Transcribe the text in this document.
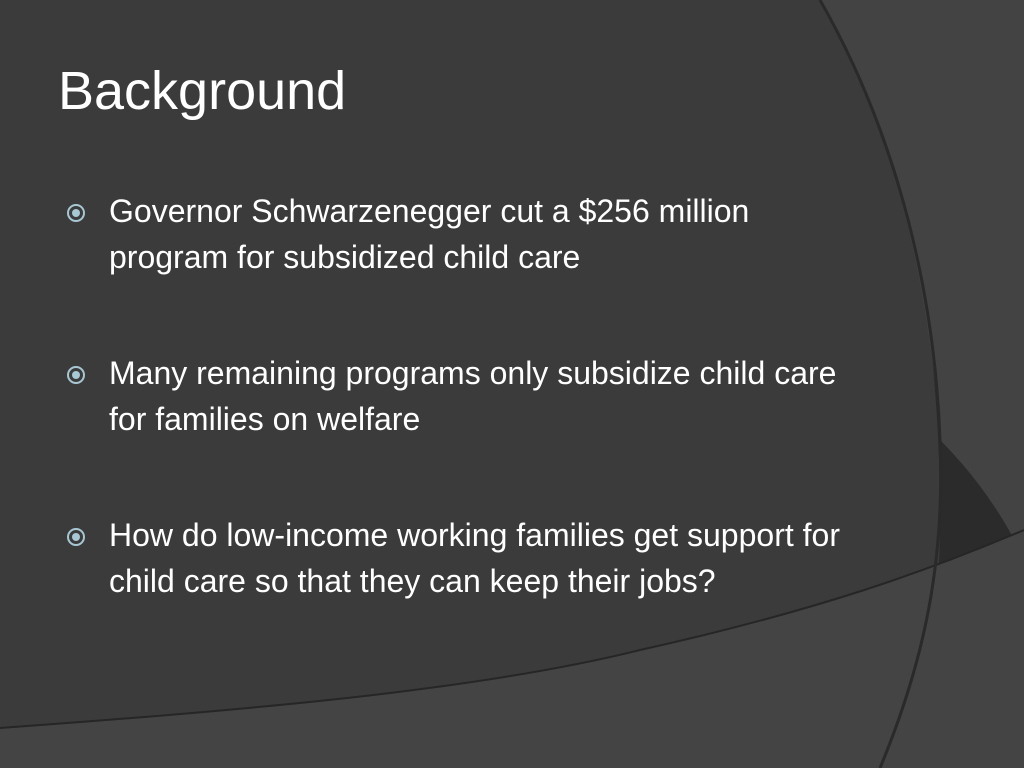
Background
Governor Schwarzenegger cut a $256 million program for subsidized child care
Many remaining programs only subsidize child care for families on welfare
How do low-income working families get support for child care so that they can keep their jobs?
